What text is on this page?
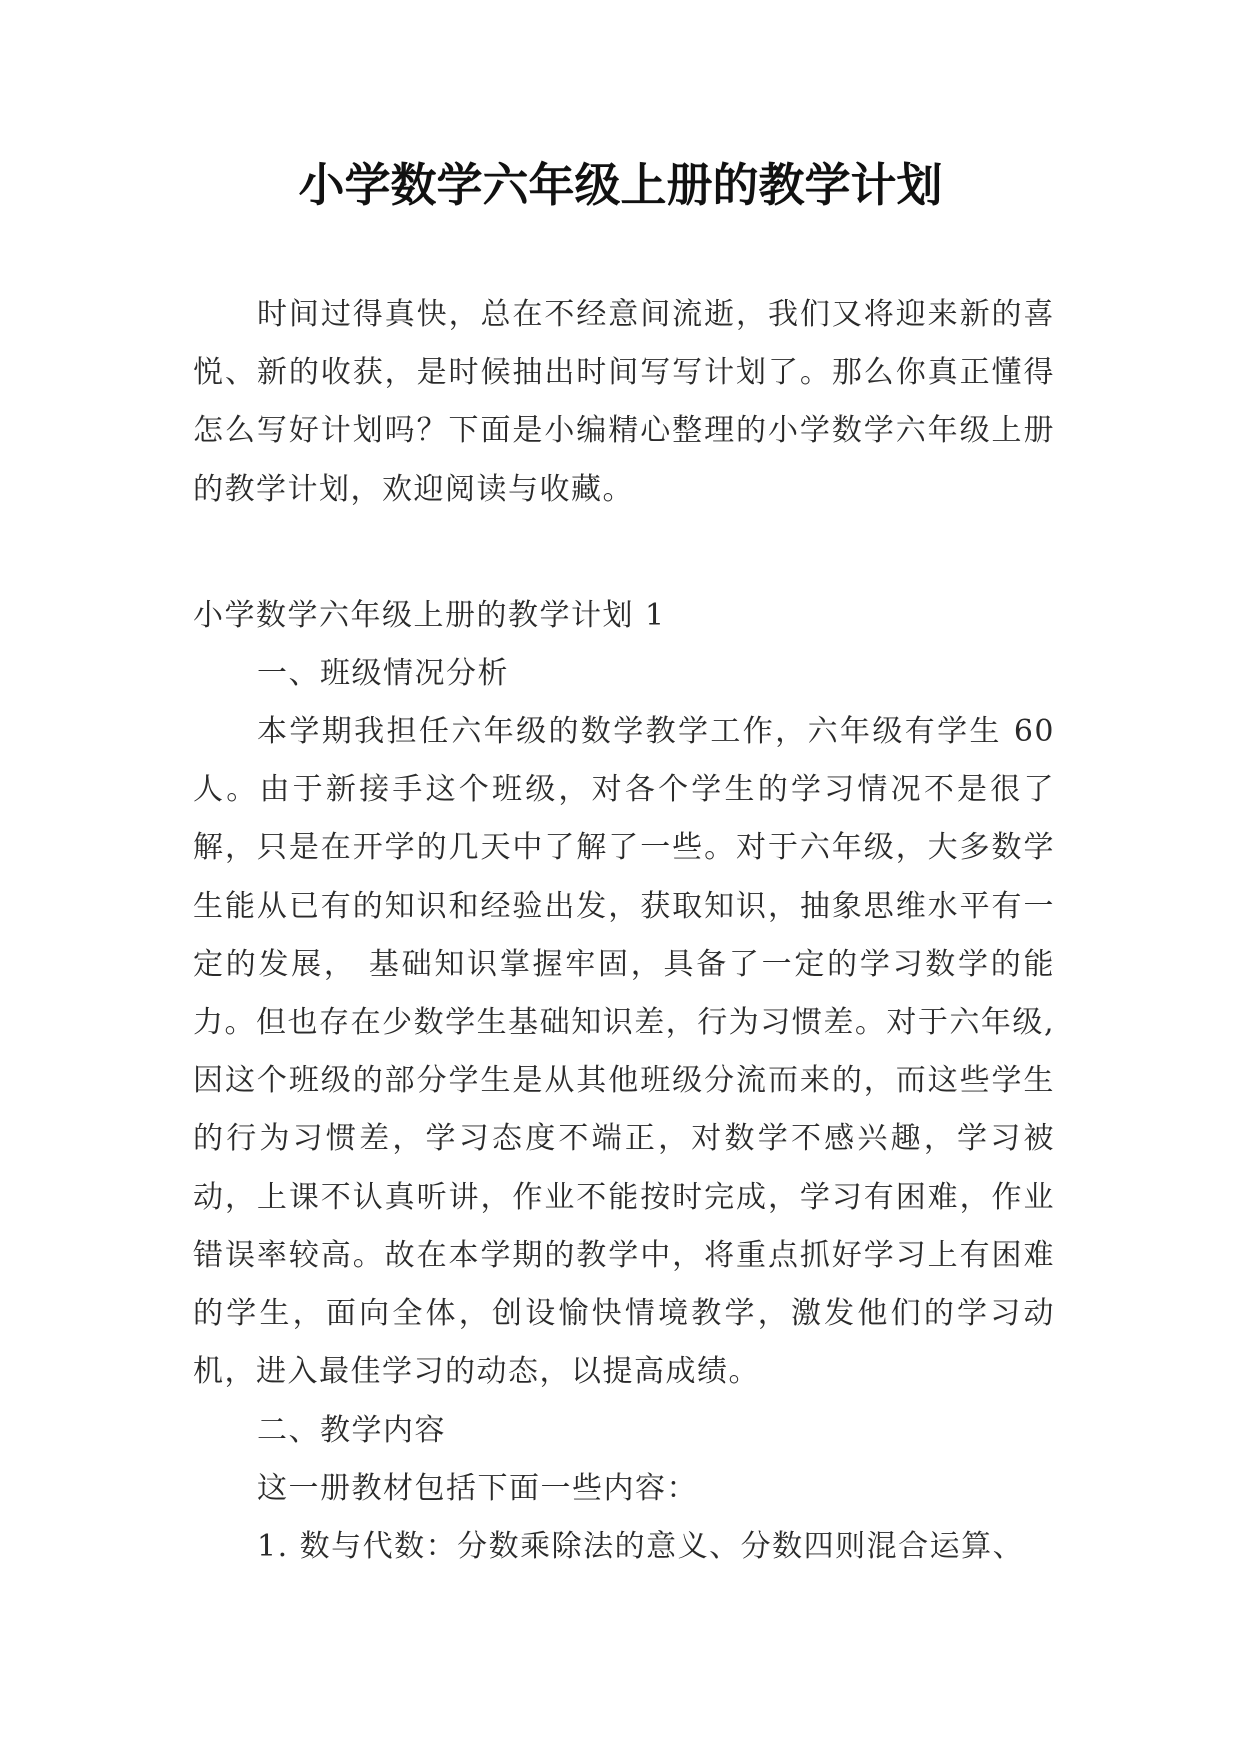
小学数学六年级上册的教学计划

时间过得真快，总在不经意间流逝，我们又将迎来新的喜悦、新的收获，是时候抽出时间写写计划了。那么你真正懂得怎么写好计划吗？下面是小编精心整理的小学数学六年级上册的教学计划，欢迎阅读与收藏。

小学数学六年级上册的教学计划 1

一、班级情况分析

本学期我担任六年级的数学教学工作，六年级有学生 60 人。由于新接手这个班级，对各个学生的学习情况不是很了解，只是在开学的几天中了解了一些。对于六年级，大多数学生能从已有的知识和经验出发，获取知识，抽象思维水平有一定的发展， 基础知识掌握牢固，具备了一定的学习数学的能力。但也存在少数学生基础知识差，行为习惯差。对于六年级,因这个班级的部分学生是从其他班级分流而来的，而这些学生的行为习惯差，学习态度不端正，对数学不感兴趣，学习被动，上课不认真听讲，作业不能按时完成，学习有困难，作业错误率较高。故在本学期的教学中，将重点抓好学习上有困难的学生，面向全体，创设愉快情境教学，激发他们的学习动机，进入最佳学习的动态，以提高成绩。

二、教学内容

这一册教材包括下面一些内容：

1. 数与代数：分数乘除法的意义、分数四则混合运算、
